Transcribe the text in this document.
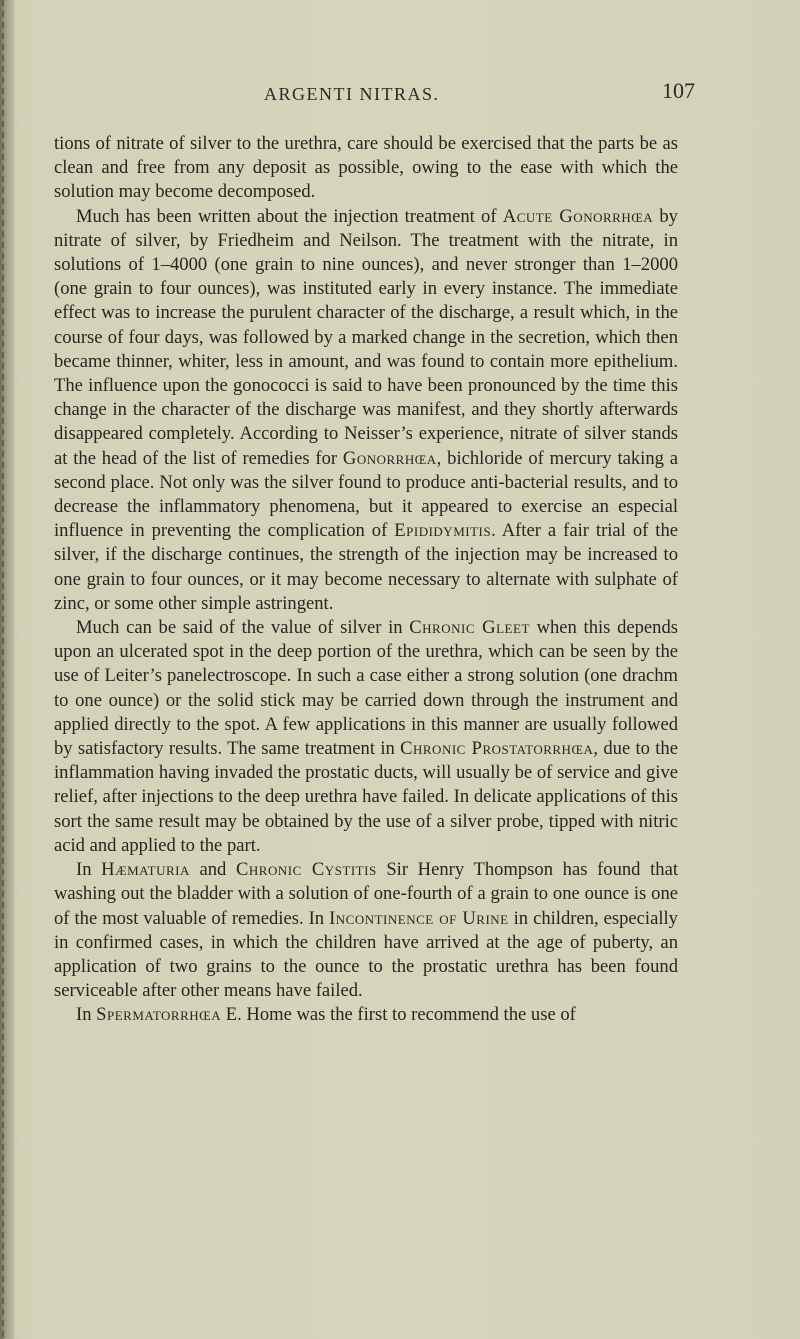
ARGENTI NITRAS.	107

tions of nitrate of silver to the urethra, care should be exercised that the parts be as clean and free from any deposit as possible, owing to the ease with which the solution may become decomposed.

Much has been written about the injection treatment of Acute Gonorrhœa by nitrate of silver, by Friedheim and Neilson. The treatment with the nitrate, in solutions of 1–4000 (one grain to nine ounces), and never stronger than 1–2000 (one grain to four ounces), was instituted early in every instance. The immediate effect was to increase the purulent character of the discharge, a result which, in the course of four days, was followed by a marked change in the secretion, which then became thinner, whiter, less in amount, and was found to contain more epithelium. The influence upon the gonococci is said to have been pronounced by the time this change in the character of the discharge was manifest, and they shortly afterwards disappeared completely. According to Neisser’s experience, nitrate of silver stands at the head of the list of remedies for Gonorrhœa, bichloride of mercury taking a second place. Not only was the silver found to produce anti-bacterial results, and to decrease the inflammatory phenomena, but it appeared to exercise an especial influence in preventing the complication of Epididymitis. After a fair trial of the silver, if the discharge continues, the strength of the injection may be increased to one grain to four ounces, or it may become necessary to alternate with sulphate of zinc, or some other simple astringent.

Much can be said of the value of silver in Chronic Gleet when this depends upon an ulcerated spot in the deep portion of the urethra, which can be seen by the use of Leiter’s panelectroscope. In such a case either a strong solution (one drachm to one ounce) or the solid stick may be carried down through the instrument and applied directly to the spot. A few applications in this manner are usually followed by satisfactory results. The same treatment in Chronic Prostatorrhœa, due to the inflammation having invaded the prostatic ducts, will usually be of service and give relief, after injections to the deep urethra have failed. In delicate applications of this sort the same result may be obtained by the use of a silver probe, tipped with nitric acid and applied to the part.

In Hæmaturia and Chronic Cystitis Sir Henry Thompson has found that washing out the bladder with a solution of one-fourth of a grain to one ounce is one of the most valuable of remedies. In Incontinence of Urine in children, especially in confirmed cases, in which the children have arrived at the age of puberty, an application of two grains to the ounce to the prostatic urethra has been found serviceable after other means have failed.

In Spermatorrhœa E. Home was the first to recommend the use of
